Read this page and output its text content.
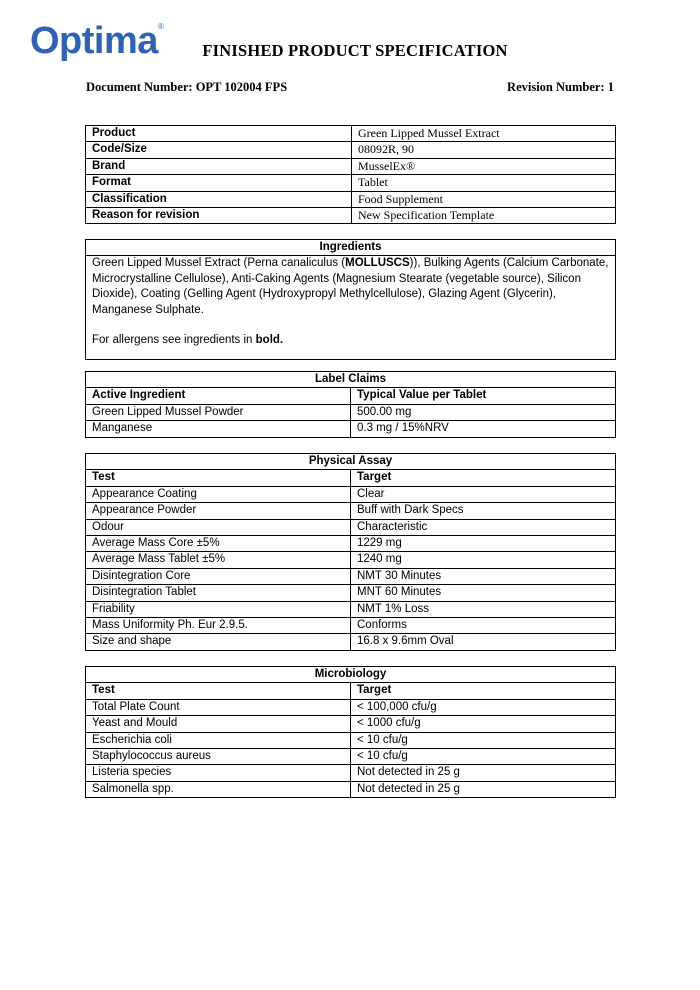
Optima®
FINISHED PRODUCT SPECIFICATION
Document Number: OPT 102004 FPS	Revision Number: 1
Product	Green Lipped Mussel Extract
Code/Size	08092R, 90
Brand	MusselEx®
Format	Tablet
Classification	Food Supplement
Reason for revision	New Specification Template
Ingredients

Green Lipped Mussel Extract (Perna canaliculus (MOLLUSCS)), Bulking Agents (Calcium Carbonate, Microcrystalline Cellulose), Anti-Caking Agents (Magnesium Stearate (vegetable source), Silicon Dioxide), Coating (Gelling Agent (Hydroxypropyl Methylcellulose), Glazing Agent (Glycerin), Manganese Sulphate.

For allergens see ingredients in bold.

Label Claims	
Active Ingredient	Typical Value per Tablet
Green Lipped Mussel Powder	500.00 mg
Manganese	0.3 mg / 15%NRV
Physical Assay	
Test	Target
Appearance Coating	Clear
Appearance Powder	Buff with Dark Specs
Odour	Characteristic
Average Mass Core ±5%	1229 mg
Average Mass Tablet ±5%	1240 mg
Disintegration Core	NMT 30 Minutes
Disintegration Tablet	MNT 60 Minutes
Friability	NMT 1% Loss
Mass Uniformity Ph. Eur 2.9.5.	Conforms
Size and shape	16.8 x 9.6mm Oval
Microbiology	
Test	Target
Total Plate Count	< 100,000 cfu/g
Yeast and Mould	< 1000 cfu/g
Escherichia coli	< 10 cfu/g
Staphylococcus aureus	< 10 cfu/g
Listeria species	Not detected in 25 g
Salmonella spp.	Not detected in 25 g
